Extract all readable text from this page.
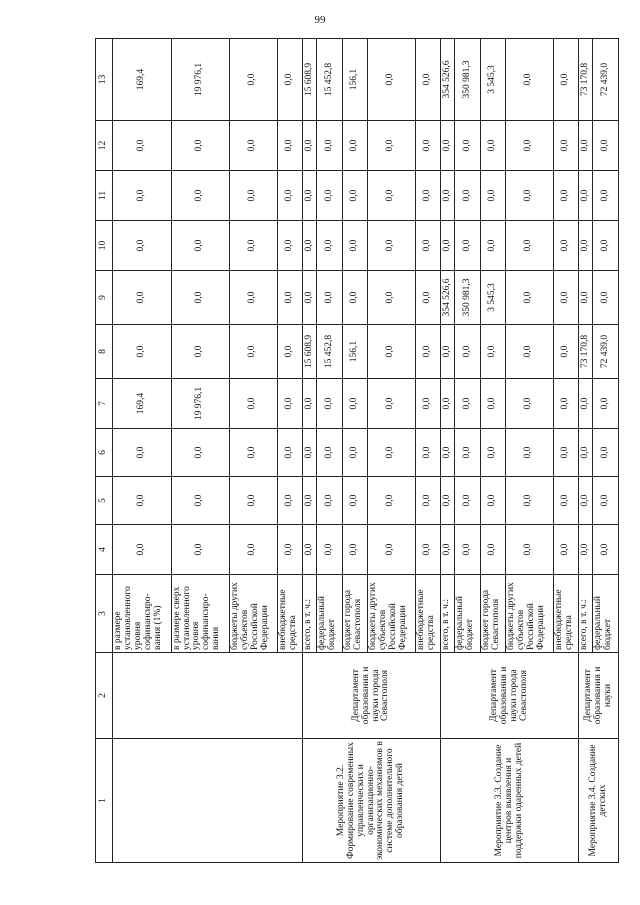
99
1	2	3	4	5	6	7	8	9	10	11	12	13
		в размере установленного уровня софинансиро-вания (1%)	0,0	0,0	0,0	169,4	0,0	0,0	0,0	0,0	0,0	169,4
		в размере сверх установленного уровня софинансиро-вания	0,0	0,0	0,0	19 976,1	0,0	0,0	0,0	0,0	0,0	19 976,1
		бюджеты других субъектов Российской Федерации	0,0	0,0	0,0	0,0	0,0	0,0	0,0	0,0	0,0	0,0
		внебюджетные средства	0,0	0,0	0,0	0,0	0,0	0,0	0,0	0,0	0,0	0,0
Мероприятие 3.2. Формирование современных управленческих и организационно-экономических механизмов в системе дополнительного образования детей	Департамент образования и науки города Севастополя	всего, в т. ч.:	0,0	0,0	0,0	0,0	15 608,9	0,0	0,0	0,0	0,0	15 608,9
		федеральный бюджет	0,0	0,0	0,0	0,0	15 452,8	0,0	0,0	0,0	0,0	15 452,8
		бюджет города Севастополя	0,0	0,0	0,0	0,0	156,1	0,0	0,0	0,0	0,0	156,1
		бюджеты других субъектов Российской Федерации	0,0	0,0	0,0	0,0	0,0	0,0	0,0	0,0	0,0	0,0
		внебюджетные средства	0,0	0,0	0,0	0,0	0,0	0,0	0,0	0,0	0,0	0,0
Мероприятие 3.3. Создание центров выявления и поддержки одаренных детей	Департамент образования и науки города Севастополя	всего, в т. ч.:	0,0	0,0	0,0	0,0	0,0	354 526,6	0,0	0,0	0,0	354 526,6
		федеральный бюджет	0,0	0,0	0,0	0,0	0,0	350 981,3	0,0	0,0	0,0	350 981,3
		бюджет города Севастополя	0,0	0,0	0,0	0,0	0,0	3 545,3	0,0	0,0	0,0	3 545,3
		бюджеты других субъектов Российской Федерации	0,0	0,0	0,0	0,0	0,0	0,0	0,0	0,0	0,0	0,0
		внебюджетные средства	0,0	0,0	0,0	0,0	0,0	0,0	0,0	0,0	0,0	0,0
Мероприятие 3.4. Создание детских	Департамент образования и науки	всего, в т. ч.:	0,0	0,0	0,0	0,0	73 170,8	0,0	0,0	0,0	0,0	73 170,8
		федеральный бюджет	0,0	0,0	0,0	0,0	72 439,0	0,0	0,0	0,0	0,0	72 439,0
